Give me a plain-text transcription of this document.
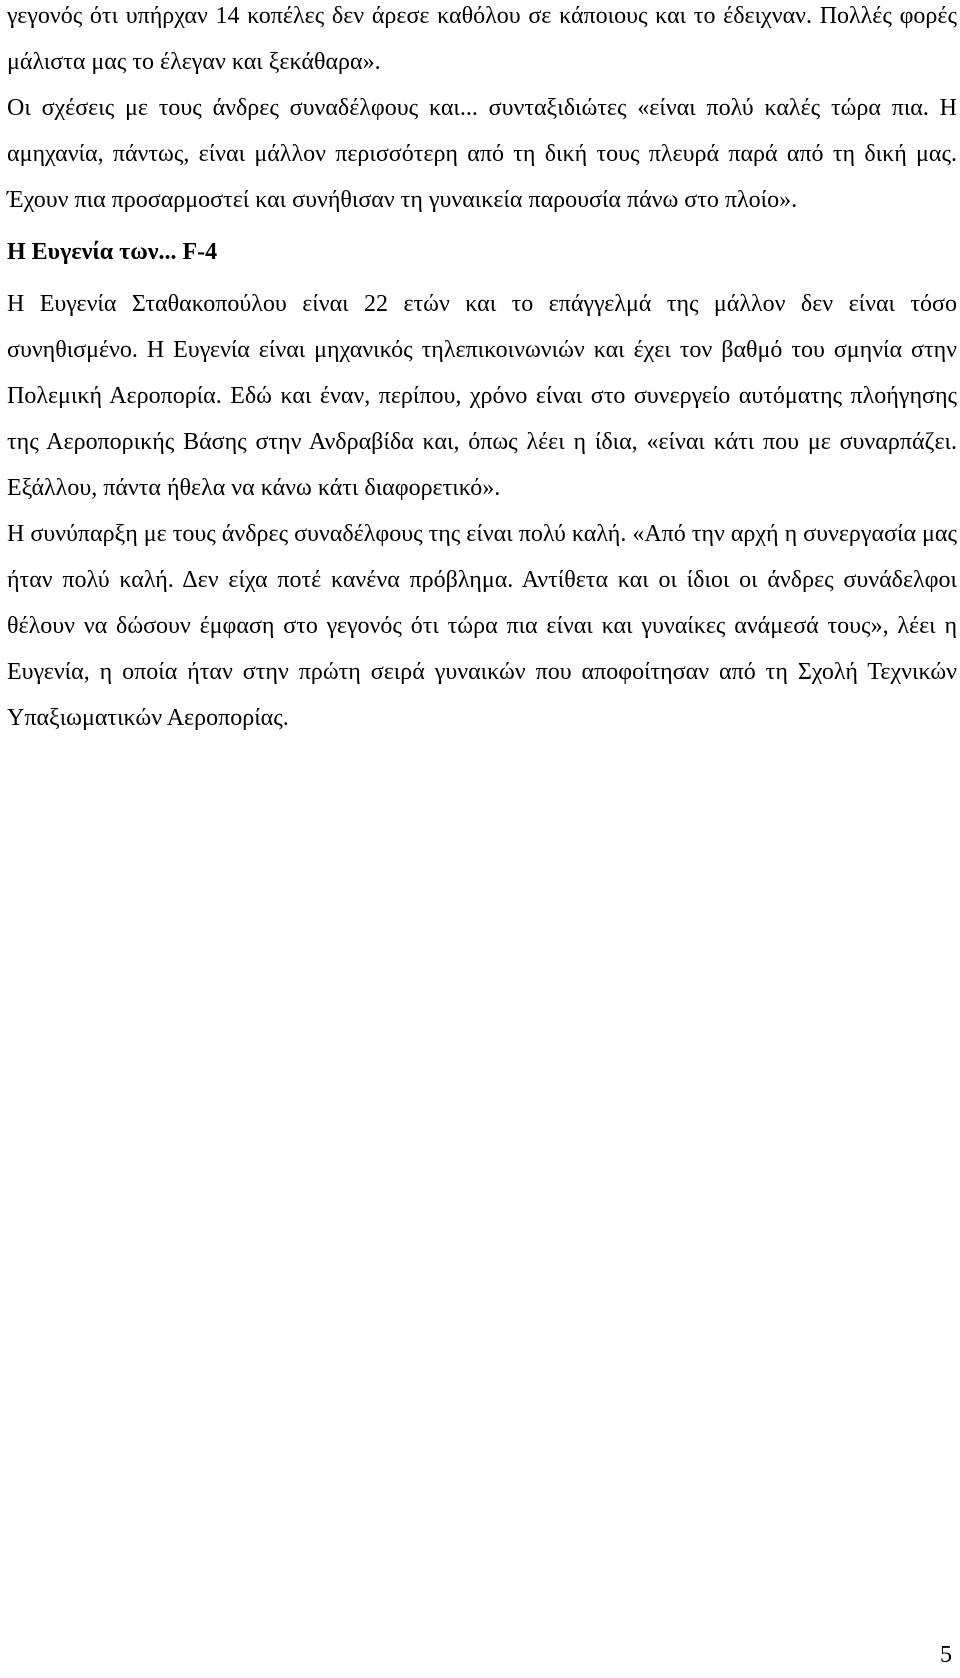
γεγονός ότι υπήρχαν 14 κοπέλες δεν άρεσε καθόλου σε κάποιους και το έδειχναν. Πολλές φορές μάλιστα μας το έλεγαν και ξεκάθαρα».

Οι σχέσεις με τους άνδρες συναδέλφους και... συνταξιδιώτες «είναι πολύ καλές τώρα πια. Η αμηχανία, πάντως, είναι μάλλον περισσότερη από τη δική τους πλευρά παρά από τη δική μας. Έχουν πια προσαρμοστεί και συνήθισαν τη γυναικεία παρουσία πάνω στο πλοίο».

Η Ευγενία των... F-4

Η Ευγενία Σταθακοπούλου είναι 22 ετών και το επάγγελμά της μάλλον δεν είναι τόσο συνηθισμένο. Η Ευγενία είναι μηχανικός τηλεπικοινωνιών και έχει τον βαθμό του σμηνία στην Πολεμική Αεροπορία. Εδώ και έναν, περίπου, χρόνο είναι στο συνεργείο αυτόματης πλοήγησης της Αεροπορικής Βάσης στην Ανδραβίδα και, όπως λέει η ίδια, «είναι κάτι που με συναρπάζει. Εξάλλου, πάντα ήθελα να κάνω κάτι διαφορετικό».

Η συνύπαρξη με τους άνδρες συναδέλφους της είναι πολύ καλή. «Από την αρχή η συνεργασία μας ήταν πολύ καλή. Δεν είχα ποτέ κανένα πρόβλημα. Αντίθετα και οι ίδιοι οι άνδρες συνάδελφοι θέλουν να δώσουν έμφαση στο γεγονός ότι τώρα πια είναι και γυναίκες ανάμεσά τους», λέει η Ευγενία, η οποία ήταν στην πρώτη σειρά γυναικών που αποφοίτησαν από τη Σχολή Τεχνικών Υπαξιωματικών Αεροπορίας.

5
